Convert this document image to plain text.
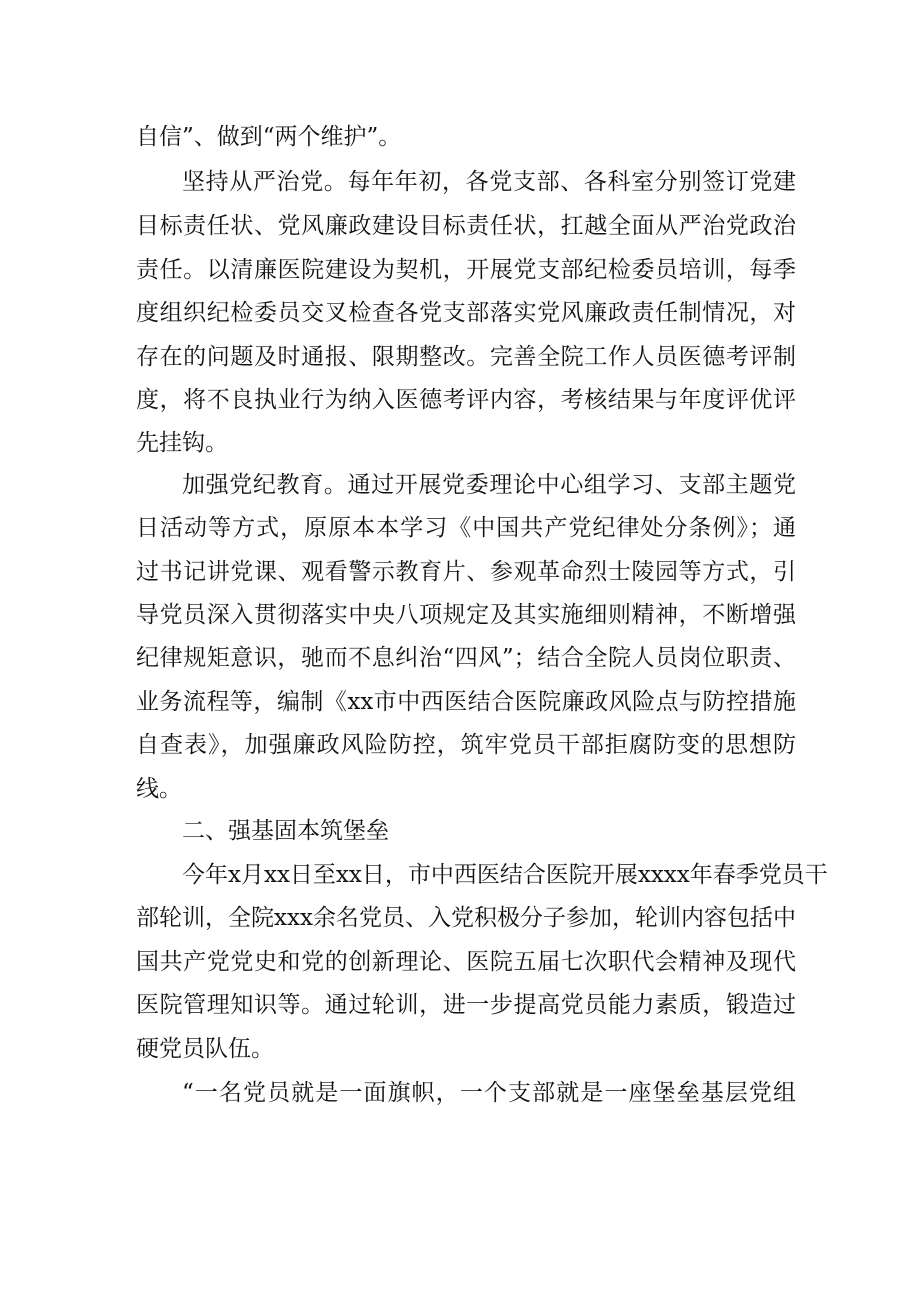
自信”、做到“两个维护”。
坚持从严治党。每年年初，各党支部、各科室分别签订党建
目标责任状、党风廉政建设目标责任状，扛越全面从严治党政治
责任。以清廉医院建设为契机，开展党支部纪检委员培训，每季
度组织纪检委员交叉检查各党支部落实党风廉政责任制情况，对
存在的问题及时通报、限期整改。完善全院工作人员医德考评制
度，将不良执业行为纳入医德考评内容，考核结果与年度评优评
先挂钩。
加强党纪教育。通过开展党委理论中心组学习、支部主题党
日活动等方式，原原本本学习《中国共产党纪律处分条例》；通
过书记讲党课、观看警示教育片、参观革命烈士陵园等方式，引
导党员深入贯彻落实中央八项规定及其实施细则精神，不断增强
纪律规矩意识，驰而不息纠治“四风”；结合全院人员岗位职责、
业务流程等，编制《xx市中西医结合医院廉政风险点与防控措施
自查表》，加强廉政风险防控，筑牢党员干部拒腐防变的思想防
线。
二、强基固本筑堡垒
今年x月xx日至xx日，市中西医结合医院开展xxxx年春季党员干
部轮训，全院xxx余名党员、入党积极分子参加，轮训内容包括中
国共产党党史和党的创新理论、医院五届七次职代会精神及现代
医院管理知识等。通过轮训，进一步提高党员能力素质，锻造过
硬党员队伍。
“一名党员就是一面旗帜，一个支部就是一座堡垒基层党组
